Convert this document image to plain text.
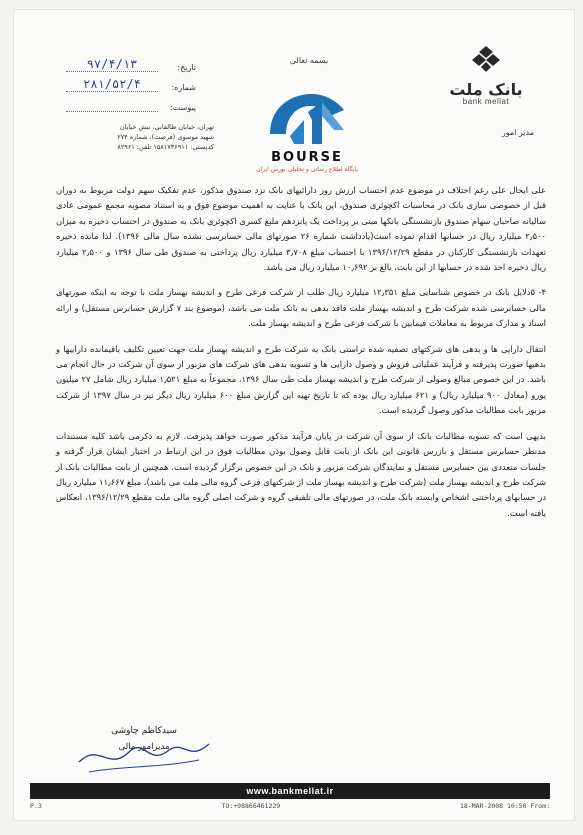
بانک ملت
bank mellat
مدیر امور
بسمه تعالی
BOURSE
پایگاه اطلاع رسانی و تحلیلی بورس ایران
تاریخ:
۹۷/۴/۱۳
شماره:
۲۸۱/۵۲/۴
پیوست:
تهران، خیابان طالقانی، نبش خیابان
شهید موسوی (فرصت)، شماره ۲۷۴
کدپستی: ۱۵۸۱۷۳۶۹۱۱ تلفن: ۸۲۹۶۱

علی ایحال علی رغم اختلاف در موضوع عدم احتساب ارزش روز دارائیهای بانک نزد صندوق مذکور، عدم تفکیک سهم دولت مربوط به دوران قبل از خصوصی سازی بانک در محاسبات اکچوئری صندوق، این بانک با عنایت به اهمیت موضوع فوق و به استناد مصوبه مجمع عمومی عادی سالیانه صاحبان سهام صندوق بازنشستگی بانکها مبنی بر پرداخت یک پانزدهم ملبغ کسری اکچوئری بانک به صندوق در احتساب ذخیره به میزان ۲٫۵۰۰ میلیارد ریال در حسابها اقدام نموده است(یادداشت شماره ۲۶ صورتهای مالی حسابرسی نشده سال مالی ۱۳۹۶). لذا مانده ذخیره تعهدات بازنشستگی کارکنان در مقطع ۱۳۹۶/۱۲/۲۹ با احتساب مبلغ ۳٫۷۰۸ میلیارد ریال پرداختی به صندوق طی سال ۱۳۹۶ و ۲٫۵۰۰ میلیارد ریال ذخیره اخذ شده در حسابها از این بابت، بالغ بر ۱۰٫۶۹۲ میلیارد ریال می باشد.

۴- ۵دلایل بانک در خصوص شناسایی مبلغ ۱۲٫۳۵۱ میلیارد ریال طلب از شرکت فرعی طرح و اندیشه بهساز ملت با توجه به اینکه صورتهای مالی حسابرسی شده شرکت طرح و اندیشه بهساز ملت فاقد بدهی به بانک ملت می باشد، (موضوع بند ۷ گزارش حسابرس مستقل) و ارائه اسناد و مدارک مربوط به معاملات فیمابین با شرکت فرعی طرح و اندیشه بهساز ملت.

انتقال دارایی ها و بدهی های شرکتهای تصفیه شده تراستی بانک به شرکت طرح و اندیشه بهساز ملت جهت تعیین تکلیف باقیمانده داراییها و بدهیها صورت پذیرفته و فرآیند عملیاتی فروش و وصول دارایی ها و تسویه بدهی های شرکت های مزبور از سوی آن شرکت در حال انجام می باشد. در این خصوص مبالغ وصولی از شرکت طرح و اندیشه بهساز ملت طی سال ۱۳۹۶، مجموعاً به مبلغ ۱٫۵۲۱ میلیارد ریال شامل ۲۷ میلیون یورو (معادل ۹۰۰ میلیارد ریال) و ۶۲۱ میلیارد ریال بوده که تا تاریخ تهیه این گزارش مبلغ ۶۰۰ میلیارد ریال دیگر نیز در سال ۱۳۹۷ از شرکت مزبور بابت مطالبات مذکور وصول گردیده است.

بدیهی است که تسویه مطالبات بانک از سوی آن شرکت در پایان فرآیند مذکور صورت خواهد پذیرفت. لازم به ذکرمی باشد کلیه مستندات مدنظر حسابرس مستقل و بازرس قانونی این بانک از بابت قابل وصول بودن مطالبات فوق در این ارتباط در اختیار ایشان قرار گرفته و جلسات متعددی بین حسابرس مستقل و نمایندگان شرکت مزبور و بانک در این خصوص برگزار گردیده است. همچنین از بابت مطالبات بانک از شرکت طرح و اندیشه بهساز ملت (شرکت طرح و اندیشه بهساز ملت از شرکتهای فرعی گروه مالی ملت می باشد)، مبلغ ۱۱٫۶۶۷ میلیارد ریال در حسابهای پرداختنی اشخاص وابسته بانک ملت، در صورتهای مالی تلفیقی گروه و شرکت اصلی گروه مالی ملت مقطع ۱۳۹۶/۱۲/۲۹، انعکاس یافته است.

سیدکاظم چاوشی
مدیرامور مالی
www.bankmellat.ir
P.3	TO:+98866461229	18-MAR-2008 10:50 From:
